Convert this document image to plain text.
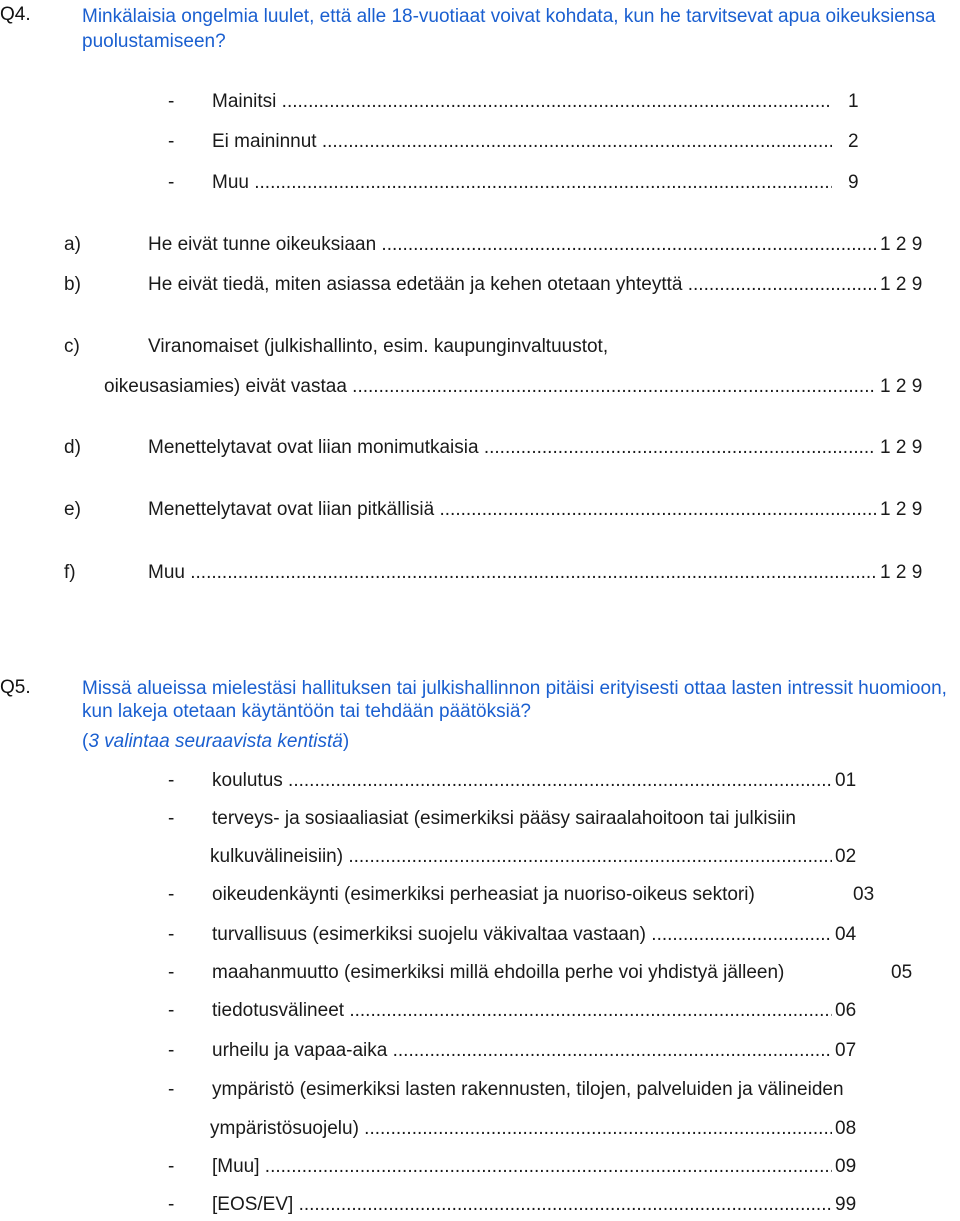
Q4.	Minkälaisia ongelmia luulet, että alle 18-vuotiaat voivat kohdata, kun he tarvitsevat apua oikeuksiensa puolustamiseen?
- Mainitsi .....	1
- Ei maininnut .....	2
- Muu .....	9
a)	He eivät tunne oikeuksiaan .....	1 2 9
b)	He eivät tiedä, miten asiassa edetään ja kehen otetaan yhteyttä .....	1 2 9
c)	Viranomaiset (julkishallinto, esim. kaupunginvaltuustot,
oikeusasiamies) eivät vastaa .....	1 2 9
d)	Menettelytavat ovat liian monimutkaisia .....	1 2 9
e)	Menettelytavat ovat liian pitkällisiä .....	1 2 9
f)	Muu .....	1 2 9
Q5.	Missä alueissa mielestäsi hallituksen tai julkishallinnon pitäisi erityisesti ottaa lasten intressit huomioon, kun lakeja otetaan käytäntöön tai tehdään päätöksiä?
(3 valintaa seuraavista kentistä)
- koulutus .....	01
- terveys- ja sosiaaliasiat (esimerkiksi pääsy sairaalahoitoon tai julkisiin
kulkuvälineisiin) .....	02
- oikeudenkäynti (esimerkiksi perheasiat ja nuoriso-oikeus sektori)	03
- turvallisuus (esimerkiksi suojelu väkivaltaa vastaan) .....	04
- maahanmuutto (esimerkiksi millä ehdoilla perhe voi yhdistyä jälleen)	05
- tiedotusvälineet .....	06
- urheilu ja vapaa-aika .....	07
- ympäristö (esimerkiksi lasten rakennusten, tilojen, palveluiden ja välineiden
ympäristösuojelu) .....	08
- [Muu] .....	09
- [EOS/EV] .....	99
